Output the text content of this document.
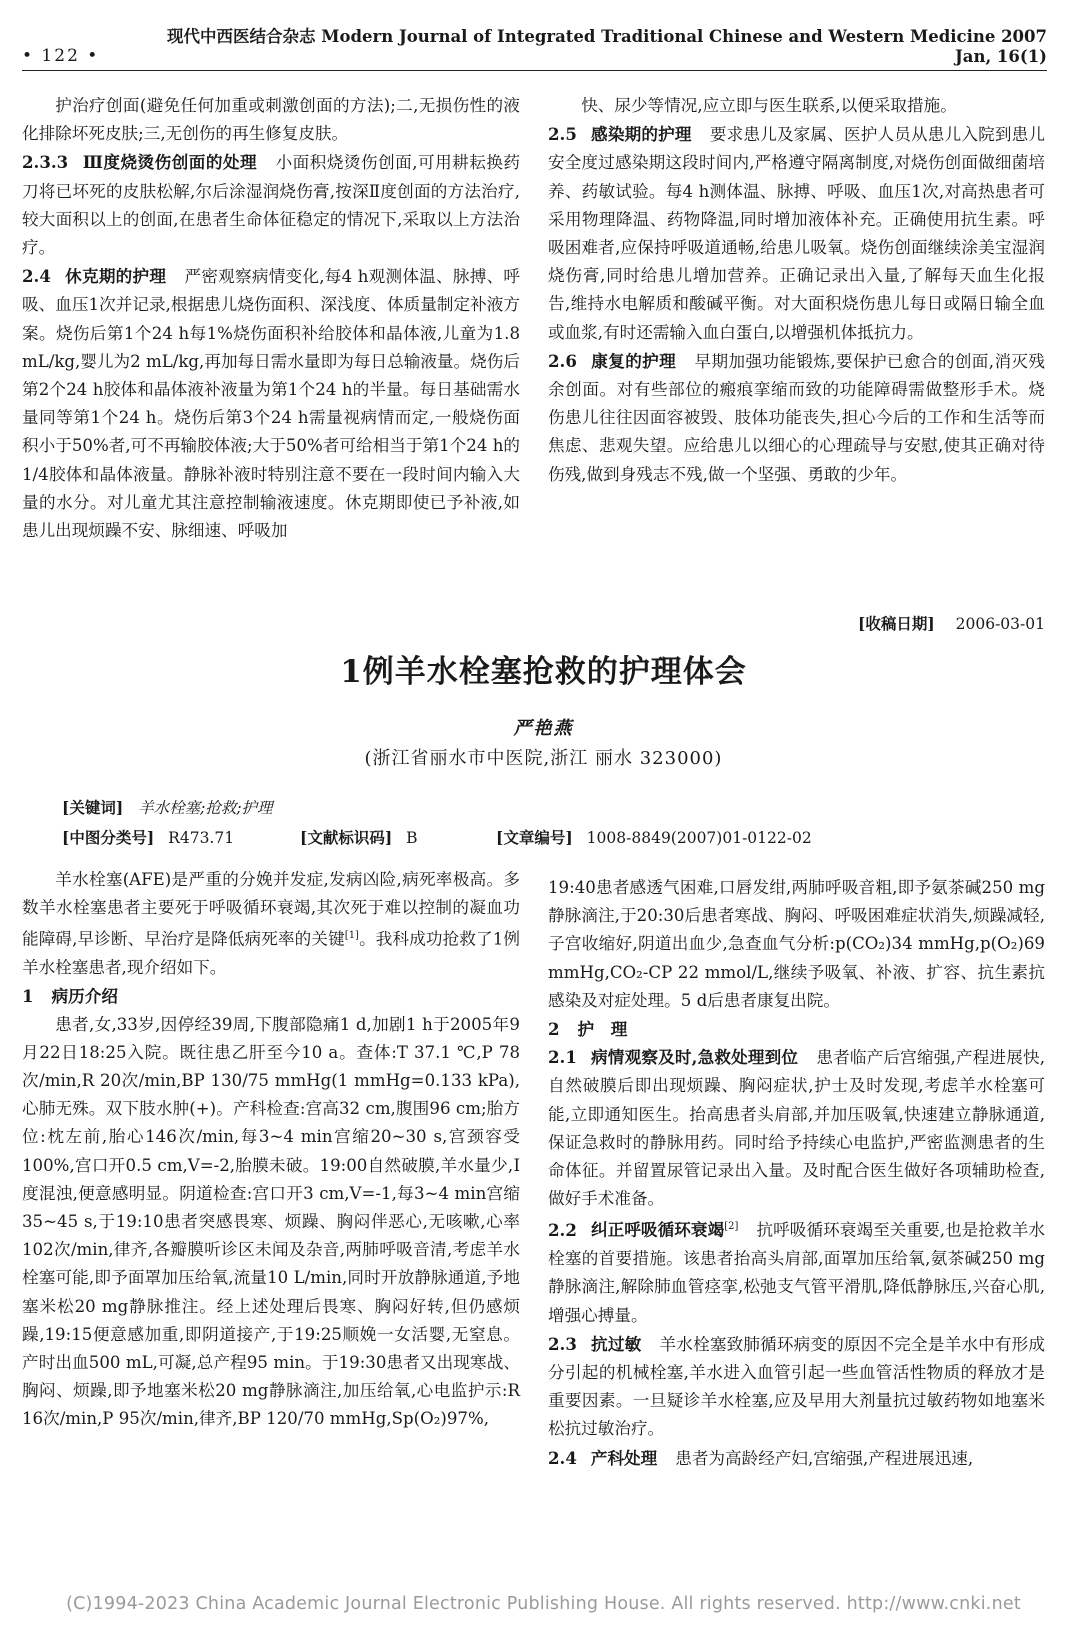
• 122 •
现代中西医结合杂志 Modern Journal of Integrated Traditional Chinese and Western Medicine 2007 Jan, 16(1)

护治疗创面(避免任何加重或刺激创面的方法);二,无损伤性的液化排除坏死皮肤;三,无创伤的再生修复皮肤。

2.3.3 Ⅲ度烧烫伤创面的处理 小面积烧烫伤创面,可用耕耘换药刀将已坏死的皮肤松解,尔后涂湿润烧伤膏,按深Ⅱ度创面的方法治疗,较大面积以上的创面,在患者生命体征稳定的情况下,采取以上方法治疗。

2.4 休克期的护理 严密观察病情变化,每4 h观测体温、脉搏、呼吸、血压1次并记录,根据患儿烧伤面积、深浅度、体质量制定补液方案。烧伤后第1个24 h每1%烧伤面积补给胶体和晶体液,儿童为1.8 mL/kg,婴儿为2 mL/kg,再加每日需水量即为每日总输液量。烧伤后第2个24 h胶体和晶体液补液量为第1个24 h的半量。每日基础需水量同等第1个24 h。烧伤后第3个24 h需量视病情而定,一般烧伤面积小于50%者,可不再输胶体液;大于50%者可给相当于第1个24 h的1/4胶体和晶体液量。静脉补液时特别注意不要在一段时间内输入大量的水分。对儿童尤其注意控制输液速度。休克期即使已予补液,如患儿出现烦躁不安、脉细速、呼吸加

快、尿少等情况,应立即与医生联系,以便采取措施。

2.5 感染期的护理 要求患儿及家属、医护人员从患儿入院到患儿安全度过感染期这段时间内,严格遵守隔离制度,对烧伤创面做细菌培养、药敏试验。每4 h测体温、脉搏、呼吸、血压1次,对高热患者可采用物理降温、药物降温,同时增加液体补充。正确使用抗生素。呼吸困难者,应保持呼吸道通畅,给患儿吸氧。烧伤创面继续涂美宝湿润烧伤膏,同时给患儿增加营养。正确记录出入量,了解每天血生化报告,维持水电解质和酸碱平衡。对大面积烧伤患儿每日或隔日输全血或血浆,有时还需输入血白蛋白,以增强机体抵抗力。

2.6 康复的护理 早期加强功能锻炼,要保护已愈合的创面,消灭残余创面。对有些部位的瘢痕挛缩而致的功能障碍需做整形手术。烧伤患儿往往因面容被毁、肢体功能丧失,担心今后的工作和生活等而焦虑、悲观失望。应给患儿以细心的心理疏导与安慰,使其正确对待伤残,做到身残志不残,做一个坚强、勇敢的少年。

[收稿日期] 2006-03-01
1例羊水栓塞抢救的护理体会
严艳燕
(浙江省丽水市中医院,浙江 丽水 323000)
[关键词] 羊水栓塞;抢救;护理
[中图分类号] R473.71	[文献标识码] B	[文章编号] 1008-8849(2007)01-0122-02

羊水栓塞(AFE)是严重的分娩并发症,发病凶险,病死率极高。多数羊水栓塞患者主要死于呼吸循环衰竭,其次死于难以控制的凝血功能障碍,早诊断、早治疗是降低病死率的关键[1]。我科成功抢救了1例羊水栓塞患者,现介绍如下。

1 病历介绍

患者,女,33岁,因停经39周,下腹部隐痛1 d,加剧1 h于2005年9月22日18:25入院。既往患乙肝至今10 a。查体:T 37.1 ℃,P 78次/min,R 20次/min,BP 130/75 mmHg(1 mmHg=0.133 kPa),心肺无殊。双下肢水肿(+)。产科检查:宫高32 cm,腹围96 cm;胎方位:枕左前,胎心146次/min,每3~4 min宫缩20~30 s,宫颈容受100%,宫口开0.5 cm,V=-2,胎膜未破。19:00自然破膜,羊水量少,Ⅰ度混浊,便意感明显。阴道检查:宫口开3 cm,V=-1,每3~4 min宫缩35~45 s,于19:10患者突感畏寒、烦躁、胸闷伴恶心,无咳嗽,心率102次/min,律齐,各瓣膜听诊区未闻及杂音,两肺呼吸音清,考虑羊水栓塞可能,即予面罩加压给氧,流量10 L/min,同时开放静脉通道,予地塞米松20 mg静脉推注。经上述处理后畏寒、胸闷好转,但仍感烦躁,19:15便意感加重,即阴道接产,于19:25顺娩一女活婴,无窒息。产时出血500 mL,可凝,总产程95 min。于19:30患者又出现寒战、胸闷、烦躁,即予地塞米松20 mg静脉滴注,加压给氧,心电监护示:R 16次/min,P 95次/min,律齐,BP 120/70 mmHg,Sp(O₂)97%,

19:40患者感透气困难,口唇发绀,两肺呼吸音粗,即予氨茶碱250 mg静脉滴注,于20:30后患者寒战、胸闷、呼吸困难症状消失,烦躁减轻,子宫收缩好,阴道出血少,急查血气分析:p(CO₂)34 mmHg,p(O₂)69 mmHg,CO₂-CP 22 mmol/L,继续予吸氧、补液、扩容、抗生素抗感染及对症处理。5 d后患者康复出院。

2 护　理

2.1 病情观察及时,急救处理到位 患者临产后宫缩强,产程进展快,自然破膜后即出现烦躁、胸闷症状,护士及时发现,考虑羊水栓塞可能,立即通知医生。抬高患者头肩部,并加压吸氧,快速建立静脉通道,保证急救时的静脉用药。同时给予持续心电监护,严密监测患者的生命体征。并留置尿管记录出入量。及时配合医生做好各项辅助检查,做好手术准备。

2.2 纠正呼吸循环衰竭[2] 抗呼吸循环衰竭至关重要,也是抢救羊水栓塞的首要措施。该患者抬高头肩部,面罩加压给氧,氨茶碱250 mg静脉滴注,解除肺血管痉挛,松弛支气管平滑肌,降低静脉压,兴奋心肌,增强心搏量。

2.3 抗过敏 羊水栓塞致肺循环病变的原因不完全是羊水中有形成分引起的机械栓塞,羊水进入血管引起一些血管活性物质的释放才是重要因素。一旦疑诊羊水栓塞,应及早用大剂量抗过敏药物如地塞米松抗过敏治疗。

2.4 产科处理 患者为高龄经产妇,宫缩强,产程进展迅速,

(C)1994-2023 China Academic Journal Electronic Publishing House. All rights reserved. http://www.cnki.net
